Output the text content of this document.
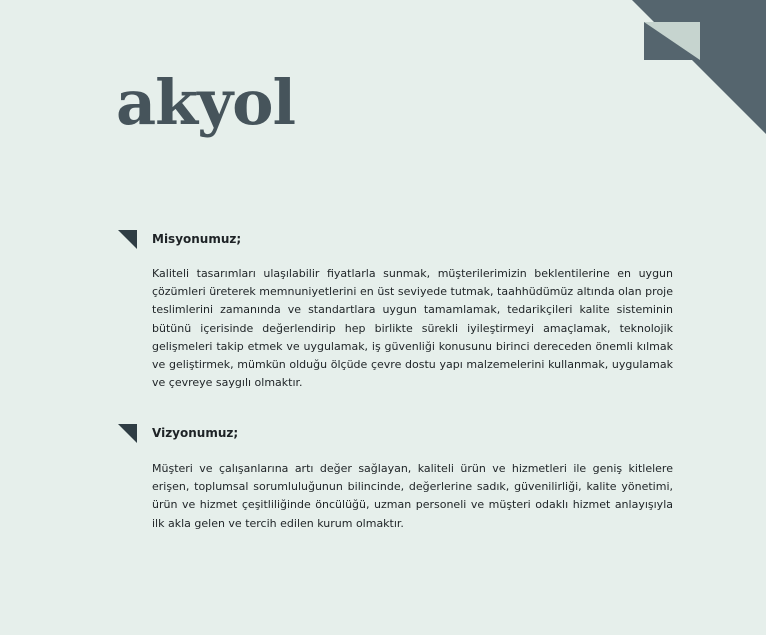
akyol
Misyonumuz;

Kaliteli tasarımları ulaşılabilir fiyatlarla sunmak, müşterilerimizin beklentilerine en uygun çözümleri üreterek memnuniyetlerini en üst seviyede tutmak, taahhüdümüz altında olan proje teslimlerini zamanında ve standartlara uygun tamamlamak, tedarikçileri kalite sisteminin bütünü içerisinde değerlendirip hep birlikte sürekli iyileştirmeyi amaçlamak, teknolojik gelişmeleri takip etmek ve uygulamak, iş güvenliği konusunu birinci dereceden önemli kılmak ve geliştirmek, mümkün olduğu ölçüde çevre dostu yapı malzemelerini kullanmak, uygulamak ve çevreye saygılı olmaktır.

Vizyonumuz;

Müşteri ve çalışanlarına artı değer sağlayan, kaliteli ürün ve hizmetleri ile geniş kitlelere erişen, toplumsal sorumluluğunun bilincinde, değerlerine sadık, güvenilirliği, kalite yönetimi, ürün ve hizmet çeşitliliğinde öncülüğü, uzman personeli ve müşteri odaklı hizmet anlayışıyla ilk akla gelen ve tercih edilen kurum olmaktır.
